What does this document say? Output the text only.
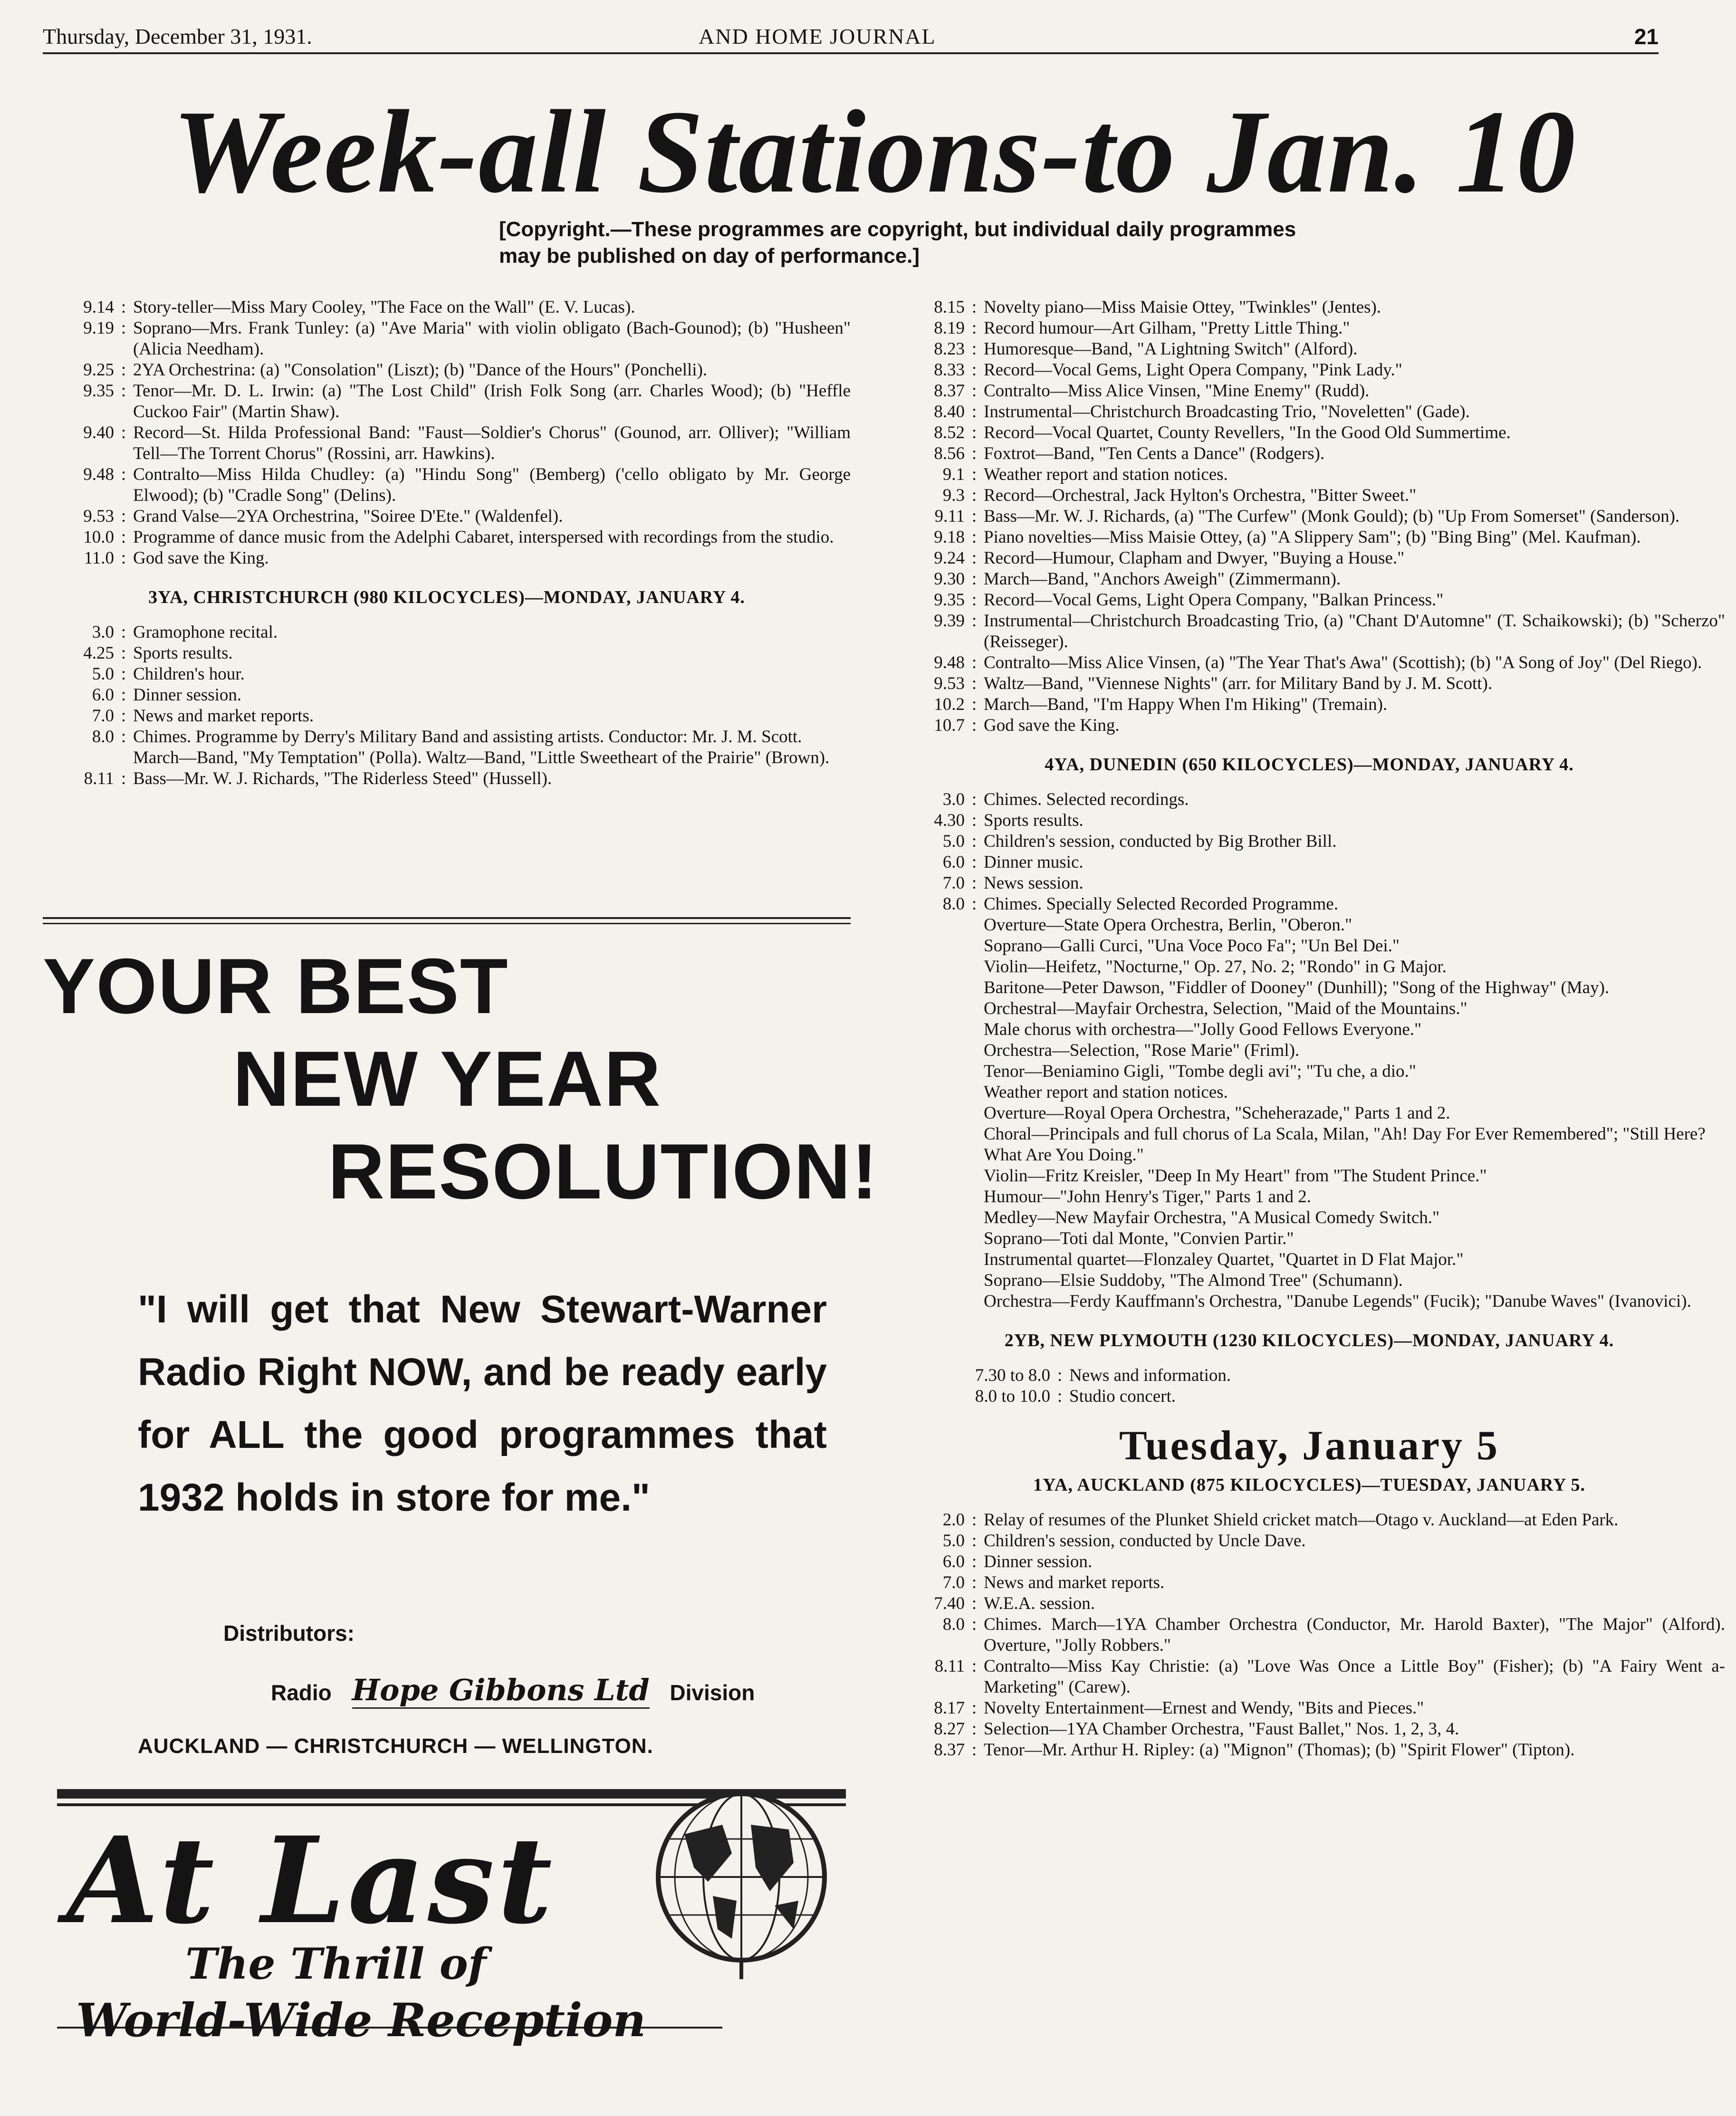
Thursday, December 31, 1931.	AND HOME JOURNAL	21
Week-all Stations-to Jan. 10
[Copyright.—These programmes are copyright, but individual daily programmes may be published on day of performance.]
9.14 : Story-teller—Miss Mary Cooley, "The Face on the Wall" (E. V. Lucas).
9.19 : Soprano—Mrs. Frank Tunley: (a) "Ave Maria" with violin obligato (Bach-Gounod); (b) "Husheen" (Alicia Needham).
9.25 : 2YA Orchestrina: (a) "Consolation" (Liszt); (b) "Dance of the Hours" (Ponchelli).
9.35 : Tenor—Mr. D. L. Irwin: (a) "The Lost Child" (Irish Folk Song (arr. Charles Wood); (b) "Heffle Cuckoo Fair" (Martin Shaw).
9.40 : Record—St. Hilda Professional Band: "Faust—Soldier's Chorus" (Gounod, arr. Olliver); "William Tell—The Torrent Chorus" (Rossini, arr. Hawkins).
9.48 : Contralto—Miss Hilda Chudley: (a) "Hindu Song" (Bemberg) ('cello obligato by Mr. George Elwood); (b) "Cradle Song" (Delins).
9.53 : Grand Valse—2YA Orchestrina, "Soiree D'Ete." (Waldenfel).
10.0 : Programme of dance music from the Adelphi Cabaret, interspersed with recordings from the studio.
11.0 : God save the King.
3YA, CHRISTCHURCH (980 KILOCYCLES)—MONDAY, JANUARY 4.
3.0 : Gramophone recital.
4.25 : Sports results.
5.0 : Children's hour.
6.0 : Dinner session.
7.0 : News and market reports.
8.0 : Chimes. Programme by Derry's Military Band and assisting artists. Conductor: Mr. J. M. Scott.

March—Band, "My Temptation" (Polla). Waltz—Band, "Little Sweetheart of the Prairie" (Brown).

8.11 : Bass—Mr. W. J. Richards, "The Riderless Steed" (Hussell).
YOUR BEST
NEW YEAR
RESOLUTION!
"I will get that New Stewart-Warner Radio Right NOW, and be ready early for ALL the good programmes that 1932 holds in store for me."
Distributors:
Radio Hope Gibbons Ltd Division
AUCKLAND — CHRISTCHURCH — WELLINGTON.
At Last
The Thrill of
World-Wide Reception
8.15 : Novelty piano—Miss Maisie Ottey, "Twinkles" (Jentes).
8.19 : Record humour—Art Gilham, "Pretty Little Thing."
8.23 : Humoresque—Band, "A Lightning Switch" (Alford).
8.33 : Record—Vocal Gems, Light Opera Company, "Pink Lady."
8.37 : Contralto—Miss Alice Vinsen, "Mine Enemy" (Rudd).
8.40 : Instrumental—Christchurch Broadcasting Trio, "Noveletten" (Gade).
8.52 : Record—Vocal Quartet, County Revellers, "In the Good Old Summertime.
8.56 : Foxtrot—Band, "Ten Cents a Dance" (Rodgers).
9.1 : Weather report and station notices.
9.3 : Record—Orchestral, Jack Hylton's Orchestra, "Bitter Sweet."
9.11 : Bass—Mr. W. J. Richards, (a) "The Curfew" (Monk Gould); (b) "Up From Somerset" (Sanderson).
9.18 : Piano novelties—Miss Maisie Ottey, (a) "A Slippery Sam"; (b) "Bing Bing" (Mel. Kaufman).
9.24 : Record—Humour, Clapham and Dwyer, "Buying a House."
9.30 : March—Band, "Anchors Aweigh" (Zimmermann).
9.35 : Record—Vocal Gems, Light Opera Company, "Balkan Princess."
9.39 : Instrumental—Christchurch Broadcasting Trio, (a) "Chant D'Automne" (T. Schaikowski); (b) "Scherzo" (Reisseger).
9.48 : Contralto—Miss Alice Vinsen, (a) "The Year That's Awa" (Scottish); (b) "A Song of Joy" (Del Riego).
9.53 : Waltz—Band, "Viennese Nights" (arr. for Military Band by J. M. Scott).
10.2 : March—Band, "I'm Happy When I'm Hiking" (Tremain).
10.7 : God save the King.
4YA, DUNEDIN (650 KILOCYCLES)—MONDAY, JANUARY 4.
3.0 : Chimes. Selected recordings.
4.30 : Sports results.
5.0 : Children's session, conducted by Big Brother Bill.
6.0 : Dinner music.
7.0 : News session.
8.0 : Chimes. Specially Selected Recorded Programme.

Overture—State Opera Orchestra, Berlin, "Oberon."

Soprano—Galli Curci, "Una Voce Poco Fa"; "Un Bel Dei."

Violin—Heifetz, "Nocturne," Op. 27, No. 2; "Rondo" in G Major.

Baritone—Peter Dawson, "Fiddler of Dooney" (Dunhill); "Song of the Highway" (May).

Orchestral—Mayfair Orchestra, Selection, "Maid of the Mountains."

Male chorus with orchestra—"Jolly Good Fellows Everyone."

Orchestra—Selection, "Rose Marie" (Friml).

Tenor—Beniamino Gigli, "Tombe degli avi"; "Tu che, a dio."

Weather report and station notices.

Overture—Royal Opera Orchestra, "Scheherazade," Parts 1 and 2.

Choral—Principals and full chorus of La Scala, Milan, "Ah! Day For Ever Remembered"; "Still Here? What Are You Doing."

Violin—Fritz Kreisler, "Deep In My Heart" from "The Student Prince."

Humour—"John Henry's Tiger," Parts 1 and 2.

Medley—New Mayfair Orchestra, "A Musical Comedy Switch."

Soprano—Toti dal Monte, "Convien Partir."

Instrumental quartet—Flonzaley Quartet, "Quartet in D Flat Major."

Soprano—Elsie Suddoby, "The Almond Tree" (Schumann).

Orchestra—Ferdy Kauffmann's Orchestra, "Danube Legends" (Fucik); "Danube Waves" (Ivanovici).

2YB, NEW PLYMOUTH (1230 KILOCYCLES)—MONDAY, JANUARY 4.
7.30 to 8.0 : News and information.
8.0 to 10.0 : Studio concert.
Tuesday, January 5
1YA, AUCKLAND (875 KILOCYCLES)—TUESDAY, JANUARY 5.
2.0 : Relay of resumes of the Plunket Shield cricket match—Otago v. Auckland—at Eden Park.
5.0 : Children's session, conducted by Uncle Dave.
6.0 : Dinner session.
7.0 : News and market reports.
7.40 : W.E.A. session.
8.0 : Chimes. March—1YA Chamber Orchestra (Conductor, Mr. Harold Baxter), "The Major" (Alford). Overture, "Jolly Robbers."
8.11 : Contralto—Miss Kay Christie: (a) "Love Was Once a Little Boy" (Fisher); (b) "A Fairy Went a-Marketing" (Carew).
8.17 : Novelty Entertainment—Ernest and Wendy, "Bits and Pieces."
8.27 : Selection—1YA Chamber Orchestra, "Faust Ballet," Nos. 1, 2, 3, 4.
8.37 : Tenor—Mr. Arthur H. Ripley: (a) "Mignon" (Thomas); (b) "Spirit Flower" (Tipton).
